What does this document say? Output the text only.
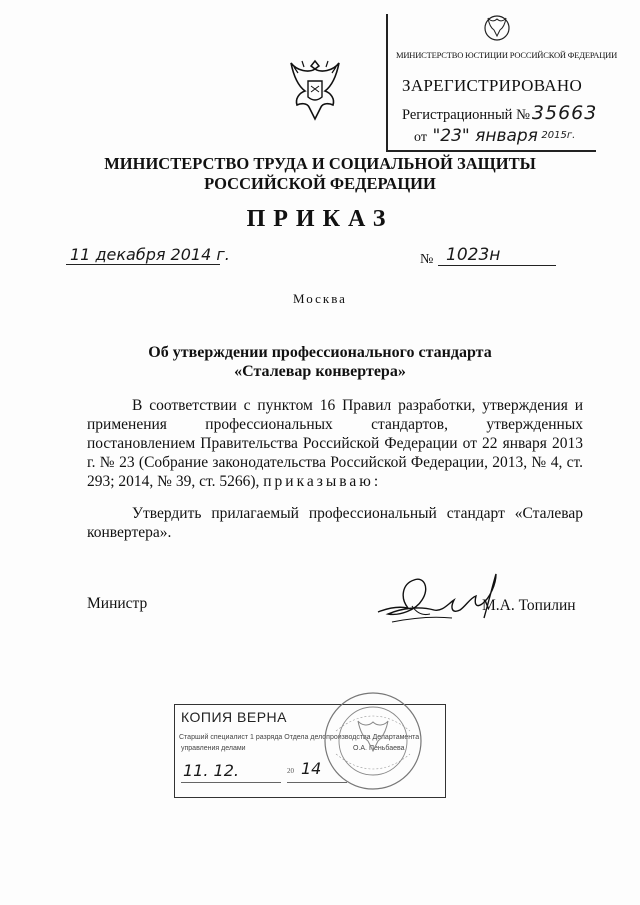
МИНИСТЕРСТВО ЮСТИЦИИ РОССИЙСКОЙ ФЕДЕРАЦИИ
ЗАРЕГИСТРИРОВАНО
Регистрационный № 35663
от "23" января $^{2015г.}$
МИНИСТЕРСТВО ТРУДА И СОЦИАЛЬНОЙ ЗАЩИТЫ
РОССИЙСКОЙ ФЕДЕРАЦИИ
ПРИКАЗ
11 декабря 2014 г.	№ 1023н
Москва
Об утверждении профессионального стандарта
«Сталевар конвертера»
В соответствии с пунктом 16 Правил разработки, утверждения и применения профессиональных стандартов, утвержденных постановлением Правительства Российской Федерации от 22 января 2013 г. № 23 (Собрание законодательства Российской Федерации, 2013, № 4, ст. 293; 2014, № 39, ст. 5266), приказываю:
Утвердить прилагаемый профессиональный стандарт «Сталевар конвертера».
Министр	М.А. Топилин
КОПИЯ ВЕРНА
Старший специалист 1 разряда Отдела делопроизводства Департамента
управления делами	О.А. Пеньбаева
11. 12.	20 14
